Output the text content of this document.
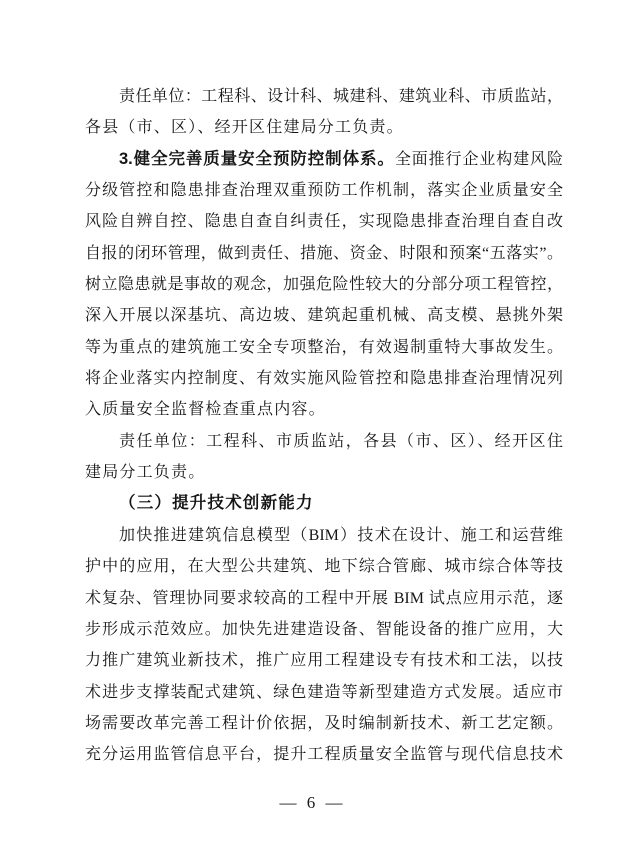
责任单位：工程科、设计科、城建科、建筑业科、市质监站，
各县（市、区）、经开区住建局分工负责。
3.健全完善质量安全预防控制体系。全面推行企业构建风险
分级管控和隐患排查治理双重预防工作机制，落实企业质量安全
风险自辨自控、隐患自查自纠责任，实现隐患排查治理自查自改
自报的闭环管理，做到责任、措施、资金、时限和预案“五落实”。
树立隐患就是事故的观念，加强危险性较大的分部分项工程管控，
深入开展以深基坑、高边坡、建筑起重机械、高支模、悬挑外架
等为重点的建筑施工安全专项整治，有效遏制重特大事故发生。
将企业落实内控制度、有效实施风险管控和隐患排查治理情况列
入质量安全监督检查重点内容。
责任单位：工程科、市质监站，各县（市、区）、经开区住
建局分工负责。
（三）提升技术创新能力
加快推进建筑信息模型（BIM）技术在设计、施工和运营维
护中的应用，在大型公共建筑、地下综合管廊、城市综合体等技
术复杂、管理协同要求较高的工程中开展 BIM 试点应用示范，逐
步形成示范效应。加快先进建造设备、智能设备的推广应用，大
力推广建筑业新技术，推广应用工程建设专有技术和工法，以技
术进步支撑装配式建筑、绿色建造等新型建造方式发展。适应市
场需要改革完善工程计价依据，及时编制新技术、新工艺定额。
充分运用监管信息平台，提升工程质量安全监管与现代信息技术
— 6 —
